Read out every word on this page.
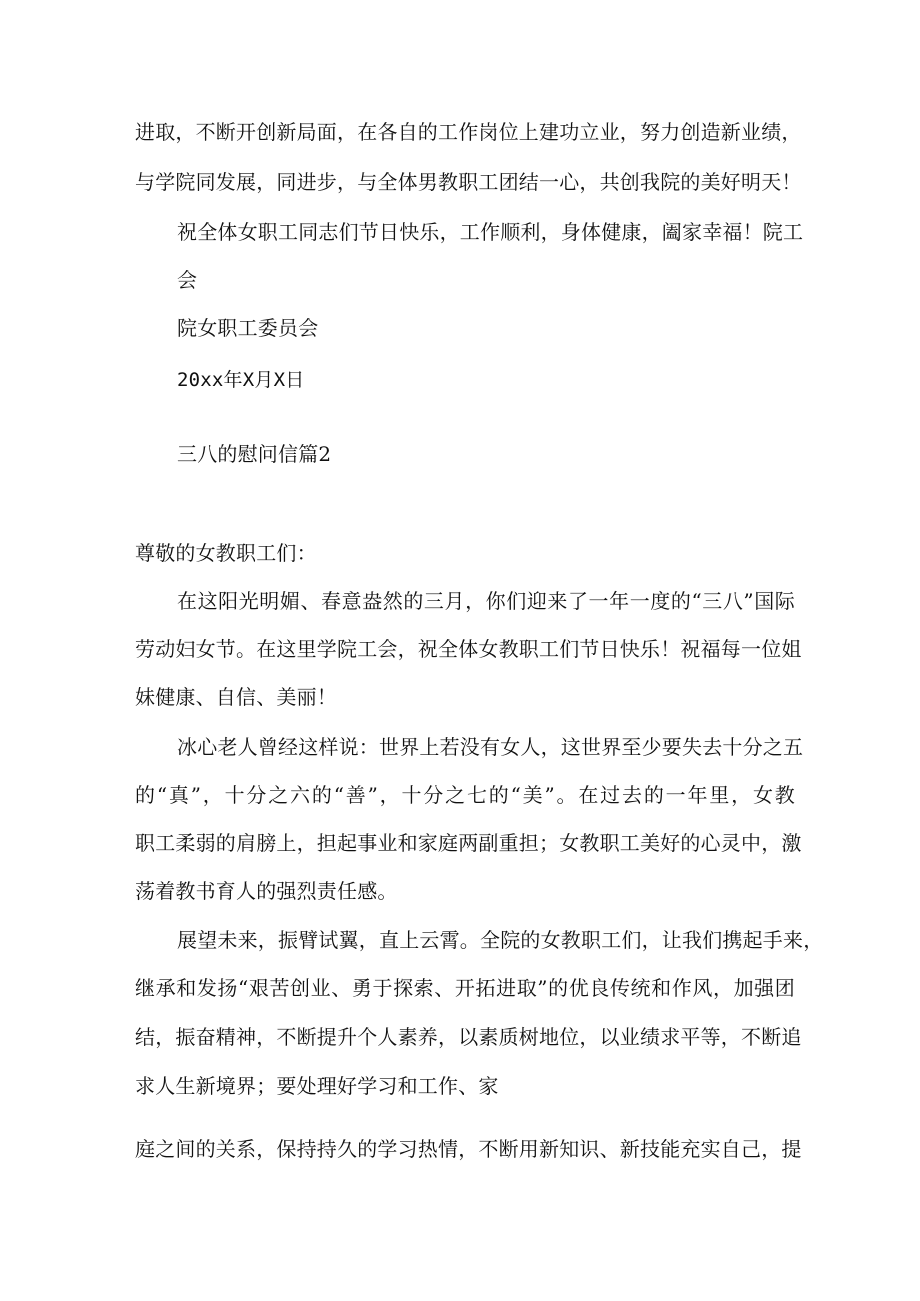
进取，不断开创新局面，在各自的工作岗位上建功立业，努力创造新业绩，
与学院同发展，同进步，与全体男教职工团结一心，共创我院的美好明天！
祝全体女职工同志们节日快乐，工作顺利，身体健康，阖家幸福！院工
会
院女职工委员会
20xx年X月X日
三八的慰问信篇2
尊敬的女教职工们：
在这阳光明媚、春意盎然的三月，你们迎来了一年一度的“三八”国际
劳动妇女节。在这里学院工会，祝全体女教职工们节日快乐！祝福每一位姐
妹健康、自信、美丽！
冰心老人曾经这样说：世界上若没有女人，这世界至少要失去十分之五
的“真”，十分之六的“善”，十分之七的“美”。在过去的一年里，女教
职工柔弱的肩膀上，担起事业和家庭两副重担；女教职工美好的心灵中，激
荡着教书育人的强烈责任感。
展望未来，振臂试翼，直上云霄。全院的女教职工们，让我们携起手来，
继承和发扬“艰苦创业、勇于探索、开拓进取”的优良传统和作风，加强团
结，振奋精神，不断提升个人素养，以素质树地位，以业绩求平等，不断追
求人生新境界；要处理好学习和工作、家
庭之间的关系，保持持久的学习热情，不断用新知识、新技能充实自己，提
